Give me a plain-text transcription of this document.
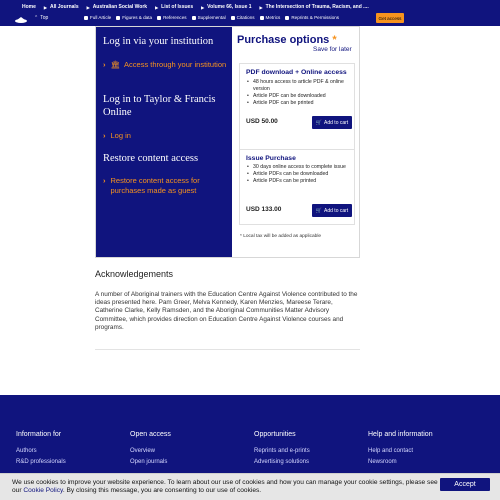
Home ▶ All Journals ▶ Australian Social Work ▶ List of Issues ▶ Volume 66, Issue 1 ▶ The Intersection of Trauma, Racism, and ....
⌃ Top	Full Article Figures & data References Supplemental Citations Metrics Reprints & Permissions	Get access
Log in via your institution
› 🏛 Access through your institution
Log in to Taylor & Francis Online
› Log in
Restore content access
› Restore content access for purchases made as guest
Purchase options *
Save for later
PDF download + Online access
• 48 hours access to article PDF & online version
• Article PDF can be downloaded
• Article PDF can be printed
USD 50.00	🛒 Add to cart
Issue Purchase
• 30 days online access to complete issue
• Article PDFs can be downloaded
• Article PDFs can be printed
USD 133.00	🛒 Add to cart
* Local tax will be added as applicable
Acknowledgements
A number of Aboriginal trainers with the Education Centre Against Violence contributed to the ideas presented here. Pam Greer, Melva Kennedy, Karen Menzies, Mareese Terare, Catherine Clarke, Kelly Ramsden, and the Aboriginal Communities Matter Advisory Committee, which provides direction on Education Centre Against Violence courses and programs.
Information for
Authors
R&D professionals
Open access
Overview
Open journals
Opportunities
Reprints and e-prints
Advertising solutions
Help and information
Help and contact
Newsroom
We use cookies to improve your website experience. To learn about our use of cookies and how you can manage your cookie settings, please see our Cookie Policy. By closing this message, you are consenting to our use of cookies.
Accept
